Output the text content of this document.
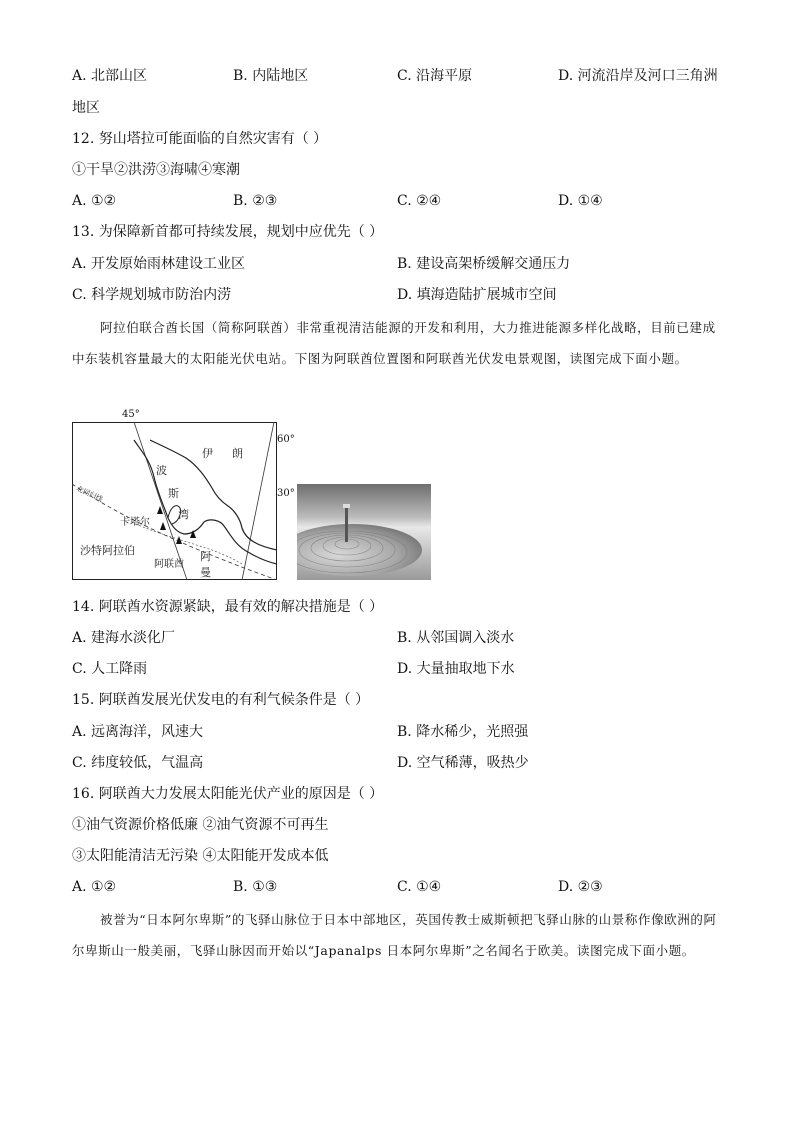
A. 北部山区	B. 内陆地区	C. 沿海平原	D. 河流沿岸及河口三角洲
地区
12. 努山塔拉可能面临的自然灾害有（ ）
①干旱②洪涝③海啸④寒潮
A. ①②	B. ②③	C. ②④	D. ①④
13. 为保障新首都可持续发展，规划中应优先（ ）
A. 开发原始雨林建设工业区	B. 建设高架桥缓解交通压力
C. 科学规划城市防治内涝	D. 填海造陆扩展城市空间
阿拉伯联合酋长国（简称阿联酋）非常重视清洁能源的开发和利用，大力推进能源多样化战略，目前已建成中东装机容量最大的太阳能光伏电站。下图为阿联酋位置图和阿联酋光伏发电景观图，读图完成下面小题。
伊 朗
波
斯
湾
北回归线
卡塔尔
沙特阿拉伯
阿联酋
阿
曼
45°
60°
30°
14. 阿联酋水资源紧缺，最有效的解决措施是（ ）
A. 建海水淡化厂	B. 从邻国调入淡水
C. 人工降雨	D. 大量抽取地下水
15. 阿联酋发展光伏发电的有利气候条件是（ ）
A. 远离海洋，风速大	B. 降水稀少，光照强
C. 纬度较低，气温高	D. 空气稀薄，吸热少
16. 阿联酋大力发展太阳能光伏产业的原因是（ ）
①油气资源价格低廉 ②油气资源不可再生
③太阳能清洁无污染 ④太阳能开发成本低
A. ①②	B. ①③	C. ①④	D. ②③
被誉为“日本阿尔卑斯”的飞驿山脉位于日本中部地区，英国传教士威斯顿把飞驿山脉的山景称作像欧洲的阿尔卑斯山一般美丽，飞驿山脉因而开始以“Japanalps 日本阿尔卑斯”之名闻名于欧美。读图完成下面小题。
